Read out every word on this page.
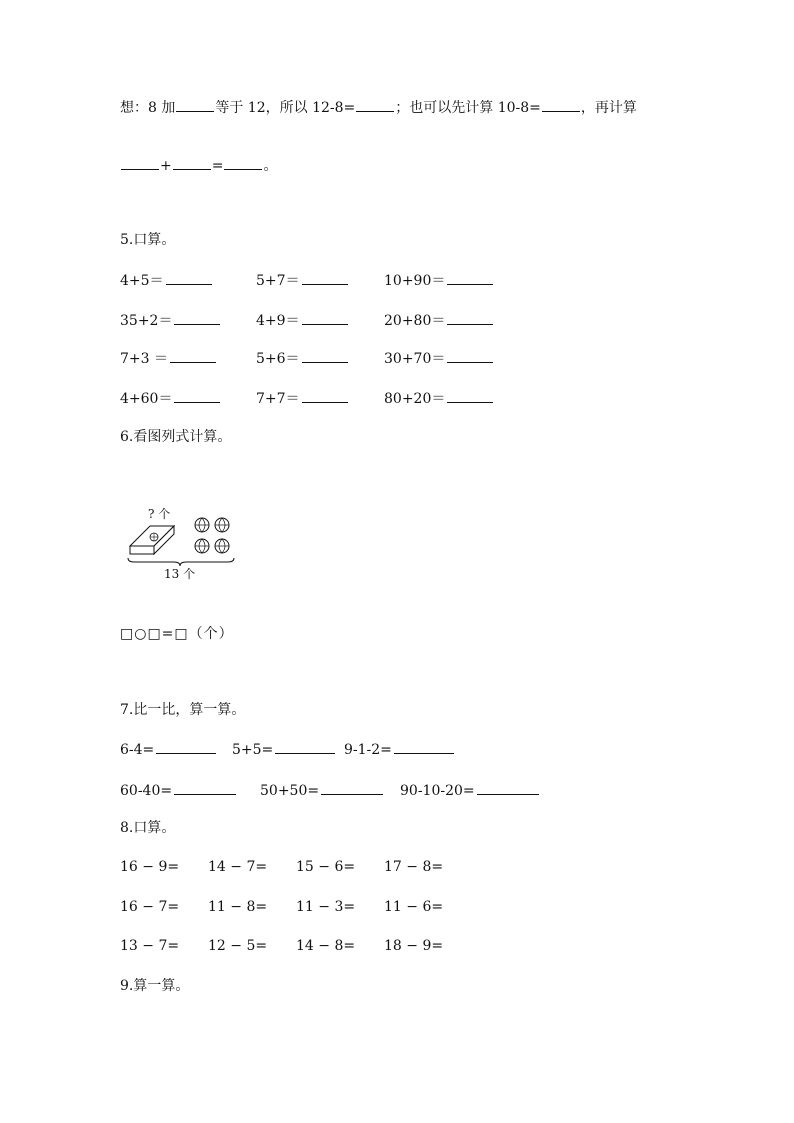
想：8 加	等于 12，所以 12-8=	；也可以先计算 10-8=	，再计算
+	=	。
5.口算。
4+5＝	5+7＝	10+90＝
35+2＝	4+9＝	20+80＝
7+3 ＝	5+6＝	30+70＝
4+60＝	7+7＝	80+20＝
6.看图列式计算。
? 个
13 个
□○□=□（个）
7.比一比，算一算。
6-4=	5+5=	9-1-2=
60-40=	50+50=	90-10-20=
8.口算。
16 − 9= 14 − 7= 15 − 6= 17 − 8=
16 − 7= 11 − 8= 11 − 3= 11 − 6=
13 − 7= 12 − 5= 14 − 8= 18 − 9=
9.算一算。
